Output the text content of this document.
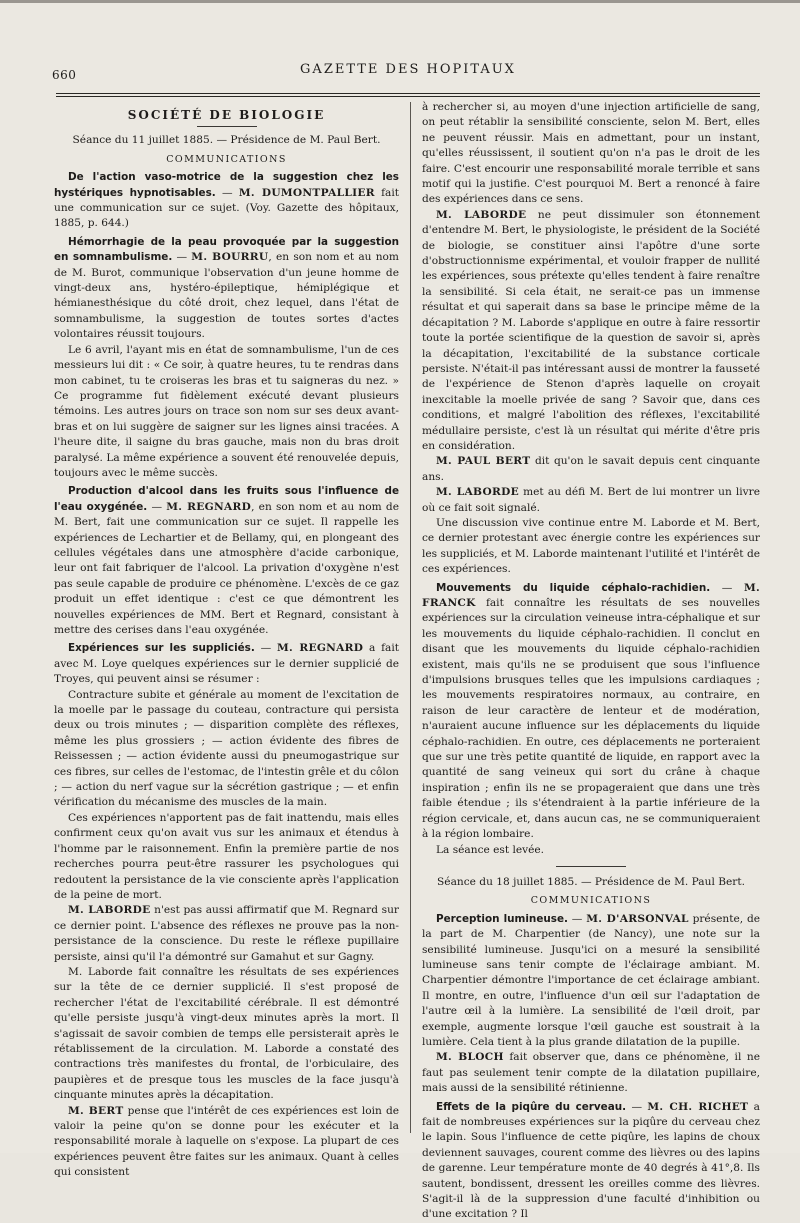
660	GAZETTE DES HOPITAUX

SOCIÉTÉ DE BIOLOGIE

Séance du 11 juillet 1885. — Présidence de M. Paul Bert.

COMMUNICATIONS

De l'action vaso-motrice de la suggestion chez les hystériques hypnotisables. — M. DUMONTPALLIER fait une communication sur ce sujet. (Voy. Gazette des hôpitaux, 1885, p. 644.)

Hémorrhagie de la peau provoquée par la suggestion en somnambulisme. — M. BOURRU, en son nom et au nom de M. Burot, communique l'observation d'un jeune homme de vingt-deux ans, hystéro-épileptique, hémiplégique et hémianesthésique du côté droit, chez lequel, dans l'état de somnambulisme, la suggestion de toutes sortes d'actes volontaires réussit toujours.

Le 6 avril, l'ayant mis en état de somnambulisme, l'un de ces messieurs lui dit : « Ce soir, à quatre heures, tu te rendras dans mon cabinet, tu te croiseras les bras et tu saigneras du nez. » Ce programme fut fidèlement exécuté devant plusieurs témoins. Les autres jours on trace son nom sur ses deux avant-bras et on lui suggère de saigner sur les lignes ainsi tracées. A l'heure dite, il saigne du bras gauche, mais non du bras droit paralysé. La même expérience a souvent été renouvelée depuis, toujours avec le même succès.

Production d'alcool dans les fruits sous l'influence de l'eau oxygénée. — M. REGNARD, en son nom et au nom de M. Bert, fait une communication sur ce sujet. Il rappelle les expériences de Lechartier et de Bellamy, qui, en plongeant des cellules végétales dans une atmosphère d'acide carbonique, leur ont fait fabriquer de l'alcool. La privation d'oxygène n'est pas seule capable de produire ce phénomène. L'excès de ce gaz produit un effet identique : c'est ce que démontrent les nouvelles expériences de MM. Bert et Regnard, consistant à mettre des cerises dans l'eau oxygénée.

Expériences sur les suppliciés. — M. REGNARD a fait avec M. Loye quelques expériences sur le dernier supplicié de Troyes, qui peuvent ainsi se résumer :

Contracture subite et générale au moment de l'excitation de la moelle par le passage du couteau, contracture qui persista deux ou trois minutes ; — disparition complète des réflexes, même les plus grossiers ; — action évidente des fibres de Reissessen ; — action évidente aussi du pneumogastrique sur ces fibres, sur celles de l'estomac, de l'intestin grêle et du côlon ; — action du nerf vague sur la sécrétion gastrique ; — et enfin vérification du mécanisme des muscles de la main.

Ces expériences n'apportent pas de fait inattendu, mais elles confirment ceux qu'on avait vus sur les animaux et étendus à l'homme par le raisonnement. Enfin la première partie de nos recherches pourra peut-être rassurer les psychologues qui redoutent la persistance de la vie consciente après l'application de la peine de mort.

M. LABORDE n'est pas aussi affirmatif que M. Regnard sur ce dernier point. L'absence des réflexes ne prouve pas la non-persistance de la conscience. Du reste le réflexe pupillaire persiste, ainsi qu'il l'a démontré sur Gamahut et sur Gagny.

M. Laborde fait connaître les résultats de ses expériences sur la tête de ce dernier supplicié. Il s'est proposé de rechercher l'état de l'excitabilité cérébrale. Il est démontré qu'elle persiste jusqu'à vingt-deux minutes après la mort. Il s'agissait de savoir combien de temps elle persisterait après le rétablissement de la circulation. M. Laborde a constaté des contractions très manifestes du frontal, de l'orbiculaire, des paupières et de presque tous les muscles de la face jusqu'à cinquante minutes après la décapitation.

M. BERT pense que l'intérêt de ces expériences est loin de valoir la peine qu'on se donne pour les exécuter et la responsabilité morale à laquelle on s'expose. La plupart de ces expériences peuvent être faites sur les animaux. Quant à celles qui consistent

à rechercher si, au moyen d'une injection artificielle de sang, on peut rétablir la sensibilité consciente, selon M. Bert, elles ne peuvent réussir. Mais en admettant, pour un instant, qu'elles réussissent, il soutient qu'on n'a pas le droit de les faire. C'est encourir une responsabilité morale terrible et sans motif qui la justifie. C'est pourquoi M. Bert a renoncé à faire des expériences dans ce sens.

M. LABORDE ne peut dissimuler son étonnement d'entendre M. Bert, le physiologiste, le président de la Société de biologie, se constituer ainsi l'apôtre d'une sorte d'obstructionnisme expérimental, et vouloir frapper de nullité les expériences, sous prétexte qu'elles tendent à faire renaître la sensibilité. Si cela était, ne serait-ce pas un immense résultat et qui saperait dans sa base le principe même de la décapitation ? M. Laborde s'applique en outre à faire ressortir toute la portée scientifique de la question de savoir si, après la décapitation, l'excitabilité de la substance corticale persiste. N'était-il pas intéressant aussi de montrer la fausseté de l'expérience de Stenon d'après laquelle on croyait inexcitable la moelle privée de sang ? Savoir que, dans ces conditions, et malgré l'abolition des réflexes, l'excitabilité médullaire persiste, c'est là un résultat qui mérite d'être pris en considération.

M. PAUL BERT dit qu'on le savait depuis cent cinquante ans.

M. LABORDE met au défi M. Bert de lui montrer un livre où ce fait soit signalé.

Une discussion vive continue entre M. Laborde et M. Bert, ce dernier protestant avec énergie contre les expériences sur les suppliciés, et M. Laborde maintenant l'utilité et l'intérêt de ces expériences.

Mouvements du liquide céphalo-rachidien. — M. FRANCK fait connaître les résultats de ses nouvelles expériences sur la circulation veineuse intra-céphalique et sur les mouvements du liquide céphalo-rachidien. Il conclut en disant que les mouvements du liquide céphalo-rachidien existent, mais qu'ils ne se produisent que sous l'influence d'impulsions brusques telles que les impulsions cardiaques ; les mouvements respiratoires normaux, au contraire, en raison de leur caractère de lenteur et de modération, n'auraient aucune influence sur les déplacements du liquide céphalo-rachidien. En outre, ces déplacements ne porteraient que sur une très petite quantité de liquide, en rapport avec la quantité de sang veineux qui sort du crâne à chaque inspiration ; enfin ils ne se propageraient que dans une très faible étendue ; ils s'étendraient à la partie inférieure de la région cervicale, et, dans aucun cas, ne se communiqueraient à la région lombaire.

La séance est levée.

Séance du 18 juillet 1885. — Présidence de M. Paul Bert.

COMMUNICATIONS

Perception lumineuse. — M. D'ARSONVAL présente, de la part de M. Charpentier (de Nancy), une note sur la sensibilité lumineuse. Jusqu'ici on a mesuré la sensibilité lumineuse sans tenir compte de l'éclairage ambiant. M. Charpentier démontre l'importance de cet éclairage ambiant. Il montre, en outre, l'influence d'un œil sur l'adaptation de l'autre œil à la lumière. La sensibilité de l'œil droit, par exemple, augmente lorsque l'œil gauche est soustrait à la lumière. Cela tient à la plus grande dilatation de la pupille.

M. BLOCH fait observer que, dans ce phénomène, il ne faut pas seulement tenir compte de la dilatation pupillaire, mais aussi de la sensibilité rétinienne.

Effets de la piqûre du cerveau. — M. CH. RICHET a fait de nombreuses expériences sur la piqûre du cerveau chez le lapin. Sous l'influence de cette piqûre, les lapins de choux deviennent sauvages, courent comme des lièvres ou des lapins de garenne. Leur température monte de 40 degrés à 41°,8. Ils sautent, bondissent, dressent les oreilles comme des lièvres. S'agit-il là de la suppression d'une faculté d'inhibition ou d'une excitation ? Il
